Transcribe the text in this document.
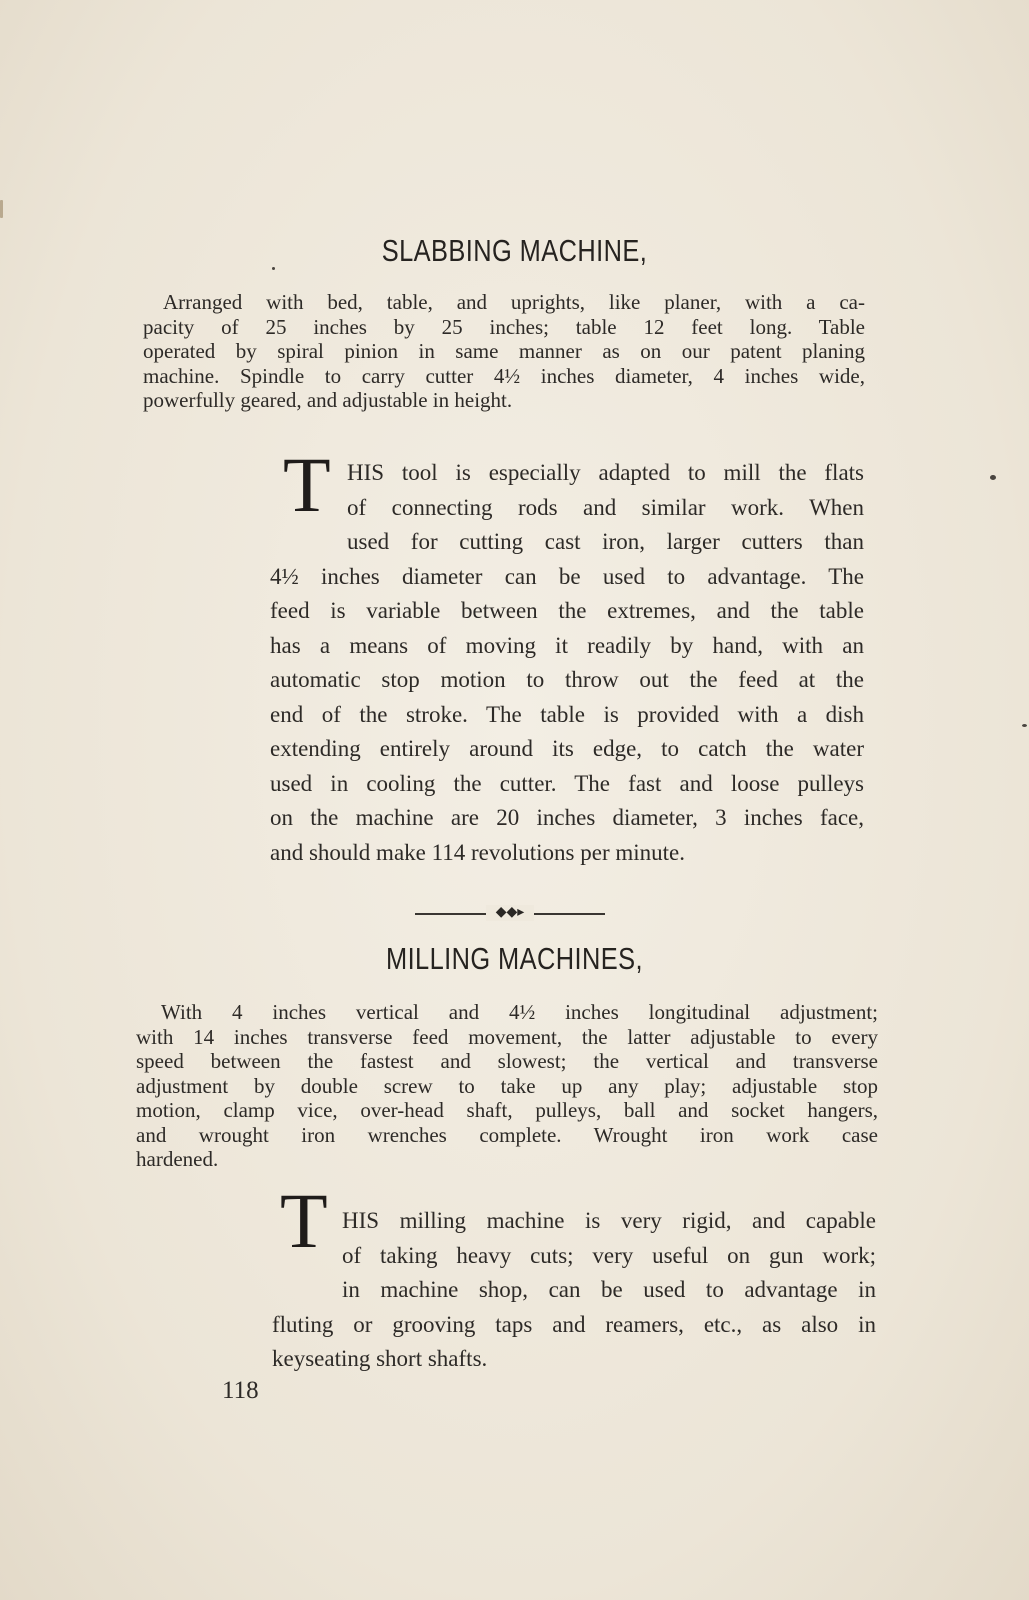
SLABBING MACHINE,
Arranged with bed, table, and uprights, like planer, with a ca-
pacity of 25 inches by 25 inches; table 12 feet long. Table
operated by spiral pinion in same manner as on our patent planing
machine. Spindle to carry cutter 4½ inches diameter, 4 inches wide,
powerfully geared, and adjustable in height.
T HIS tool is especially adapted to mill the flats
of connecting rods and similar work. When
used for cutting cast iron, larger cutters than
4½ inches diameter can be used to advantage. The
feed is variable between the extremes, and the table
has a means of moving it readily by hand, with an
automatic stop motion to throw out the feed at the
end of the stroke. The table is provided with a dish
extending entirely around its edge, to catch the water
used in cooling the cutter. The fast and loose pulleys
on the machine are 20 inches diameter, 3 inches face,
and should make 114 revolutions per minute.
◆◆▸
MILLING MACHINES,
With 4 inches vertical and 4½ inches longitudinal adjustment;
with 14 inches transverse feed movement, the latter adjustable to every
speed between the fastest and slowest; the vertical and transverse
adjustment by double screw to take up any play; adjustable stop
motion, clamp vice, over-head shaft, pulleys, ball and socket hangers,
and wrought iron wrenches complete. Wrought iron work case
hardened.
T HIS milling machine is very rigid, and capable
of taking heavy cuts; very useful on gun work;
in machine shop, can be used to advantage in
fluting or grooving taps and reamers, etc., as also in
keyseating short shafts.
118
